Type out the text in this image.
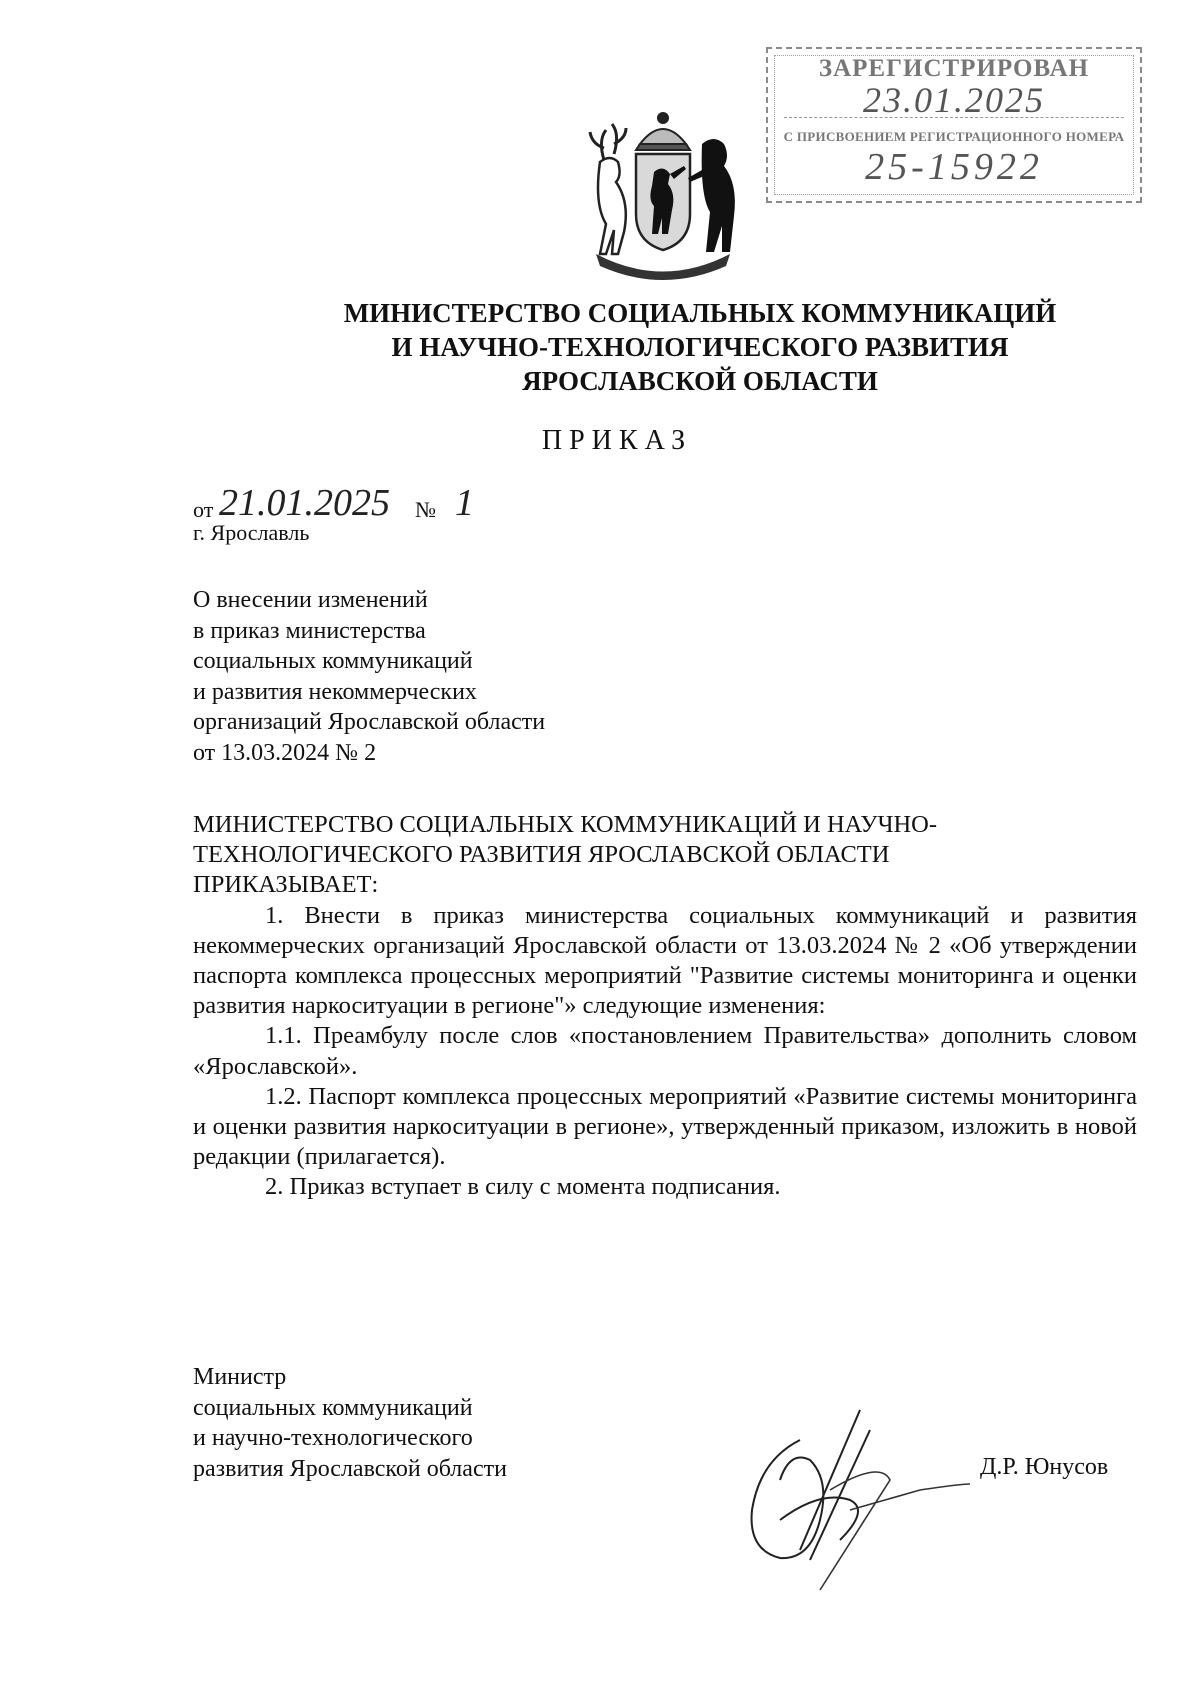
ЗАРЕГИСТРИРОВАН
23.01.2025
С ПРИСВОЕНИЕМ РЕГИСТРАЦИОННОГО НОМЕРА
25-15922
МИНИСТЕРСТВО СОЦИАЛЬНЫХ КОММУНИКАЦИЙ
И НАУЧНО-ТЕХНОЛОГИЧЕСКОГО РАЗВИТИЯ
ЯРОСЛАВСКОЙ ОБЛАСТИ
ПРИКАЗ
от 21.01.2025 № 1
г. Ярославль
О внесении изменений
в приказ министерства
социальных коммуникаций
и развития некоммерческих
организаций Ярославской области
от 13.03.2024 № 2

МИНИСТЕРСТВО СОЦИАЛЬНЫХ КОММУНИКАЦИЙ И НАУЧНО-

ТЕХНОЛОГИЧЕСКОГО РАЗВИТИЯ ЯРОСЛАВСКОЙ ОБЛАСТИ

ПРИКАЗЫВАЕТ:

1. Внести в приказ министерства социальных коммуникаций и развития некоммерческих организаций Ярославской области от 13.03.2024 № 2 «Об утверждении паспорта комплекса процессных мероприятий "Развитие системы мониторинга и оценки развития наркоситуации в регионе"» следующие изменения:

1.1. Преамбулу после слов «постановлением Правительства» дополнить словом «Ярославской».

1.2. Паспорт комплекса процессных мероприятий «Развитие системы мониторинга и оценки развития наркоситуации в регионе», утвержденный приказом, изложить в новой редакции (прилагается).

2. Приказ вступает в силу с момента подписания.

Министр
социальных коммуникаций
и научно-технологического
развития Ярославской области	Д.Р. Юнусов
